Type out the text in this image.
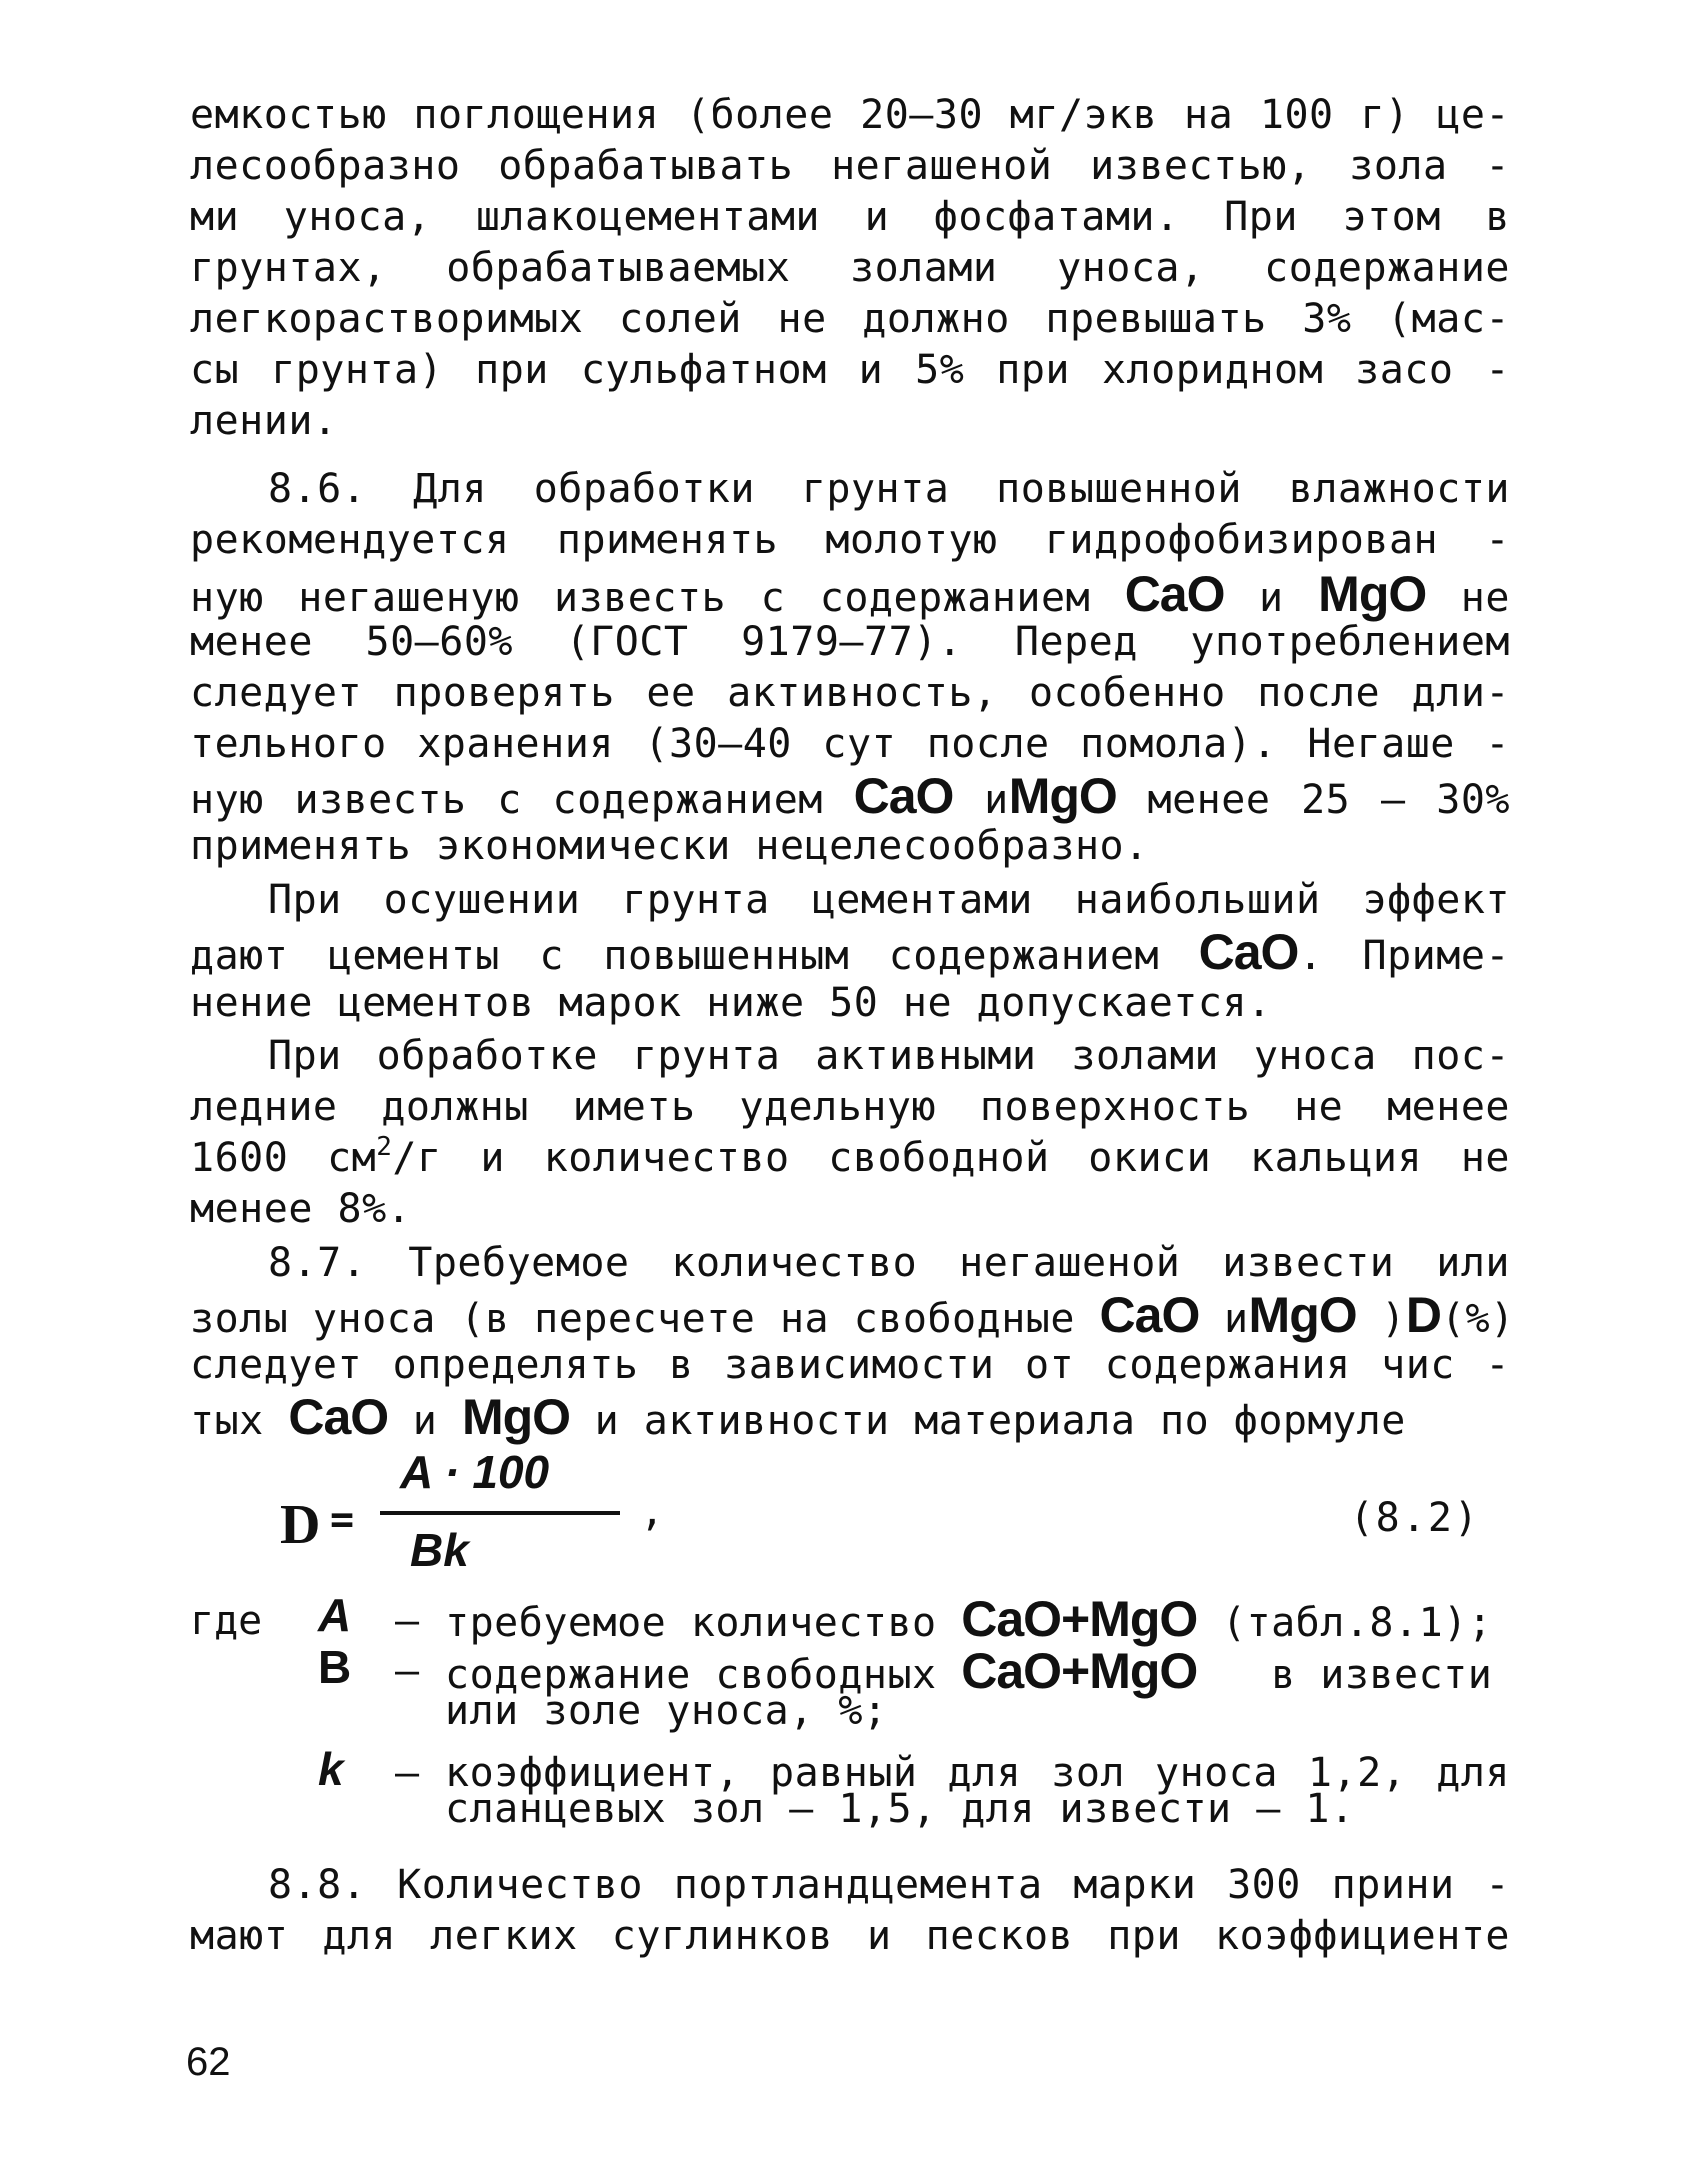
емкостью поглощения (более 20–30 мг/экв на 100 г) це-
лесообразно обрабатывать негашеной известью, зола -
ми уноса, шлакоцементами и фосфатами. При этом в
грунтах, обрабатываемых золами уноса, содержание
легкорастворимых солей не должно превышать 3% (мас-
сы грунта) при сульфатном и 5% при хлоридном засо -
лении.
8.6. Для обработки грунта повышенной влажности
рекомендуется применять молотую гидрофобизирован -
ную негашеную известь с содержанием CaO и MgO не
менее 50–60% (ГОСТ 9179–77). Перед употреблением
следует проверять ее активность, особенно после дли-
тельного хранения (30–40 сут после помола). Негаше -
ную известь с содержанием CaO иMgO менее 25 – 30%
применять экономически нецелесообразно.
При осушении грунта цементами наибольший эффект
дают цементы с повышенным содержанием CaO. Приме-
нение цементов марок ниже 50 не допускается.
При обработке грунта активными золами уноса пос-
ледние должны иметь удельную поверхность не менее
1600 $см^2/г$ и количество свободной окиси кальция не
менее 8%.
8.7. Требуемое количество негашеной извести или
золы уноса (в пересчете на свободные CaO иMgO )D(%)
следует определять в зависимости от содержания чис -
тых CaO и MgO и активности материала по формуле
D =
A · 100
Bk
,	(8.2)
где A – требуемое количество CaO+MgO (табл.8.1);
B – содержание свободных CaO+MgO в извести
или золе уноса, %;
k – коэффициент, равный для зол уноса 1,2, для
сланцевых зол – 1,5, для извести – 1.
8.8. Количество портландцемента марки 300 прини -
мают для легких суглинков и песков при коэффициенте
62
